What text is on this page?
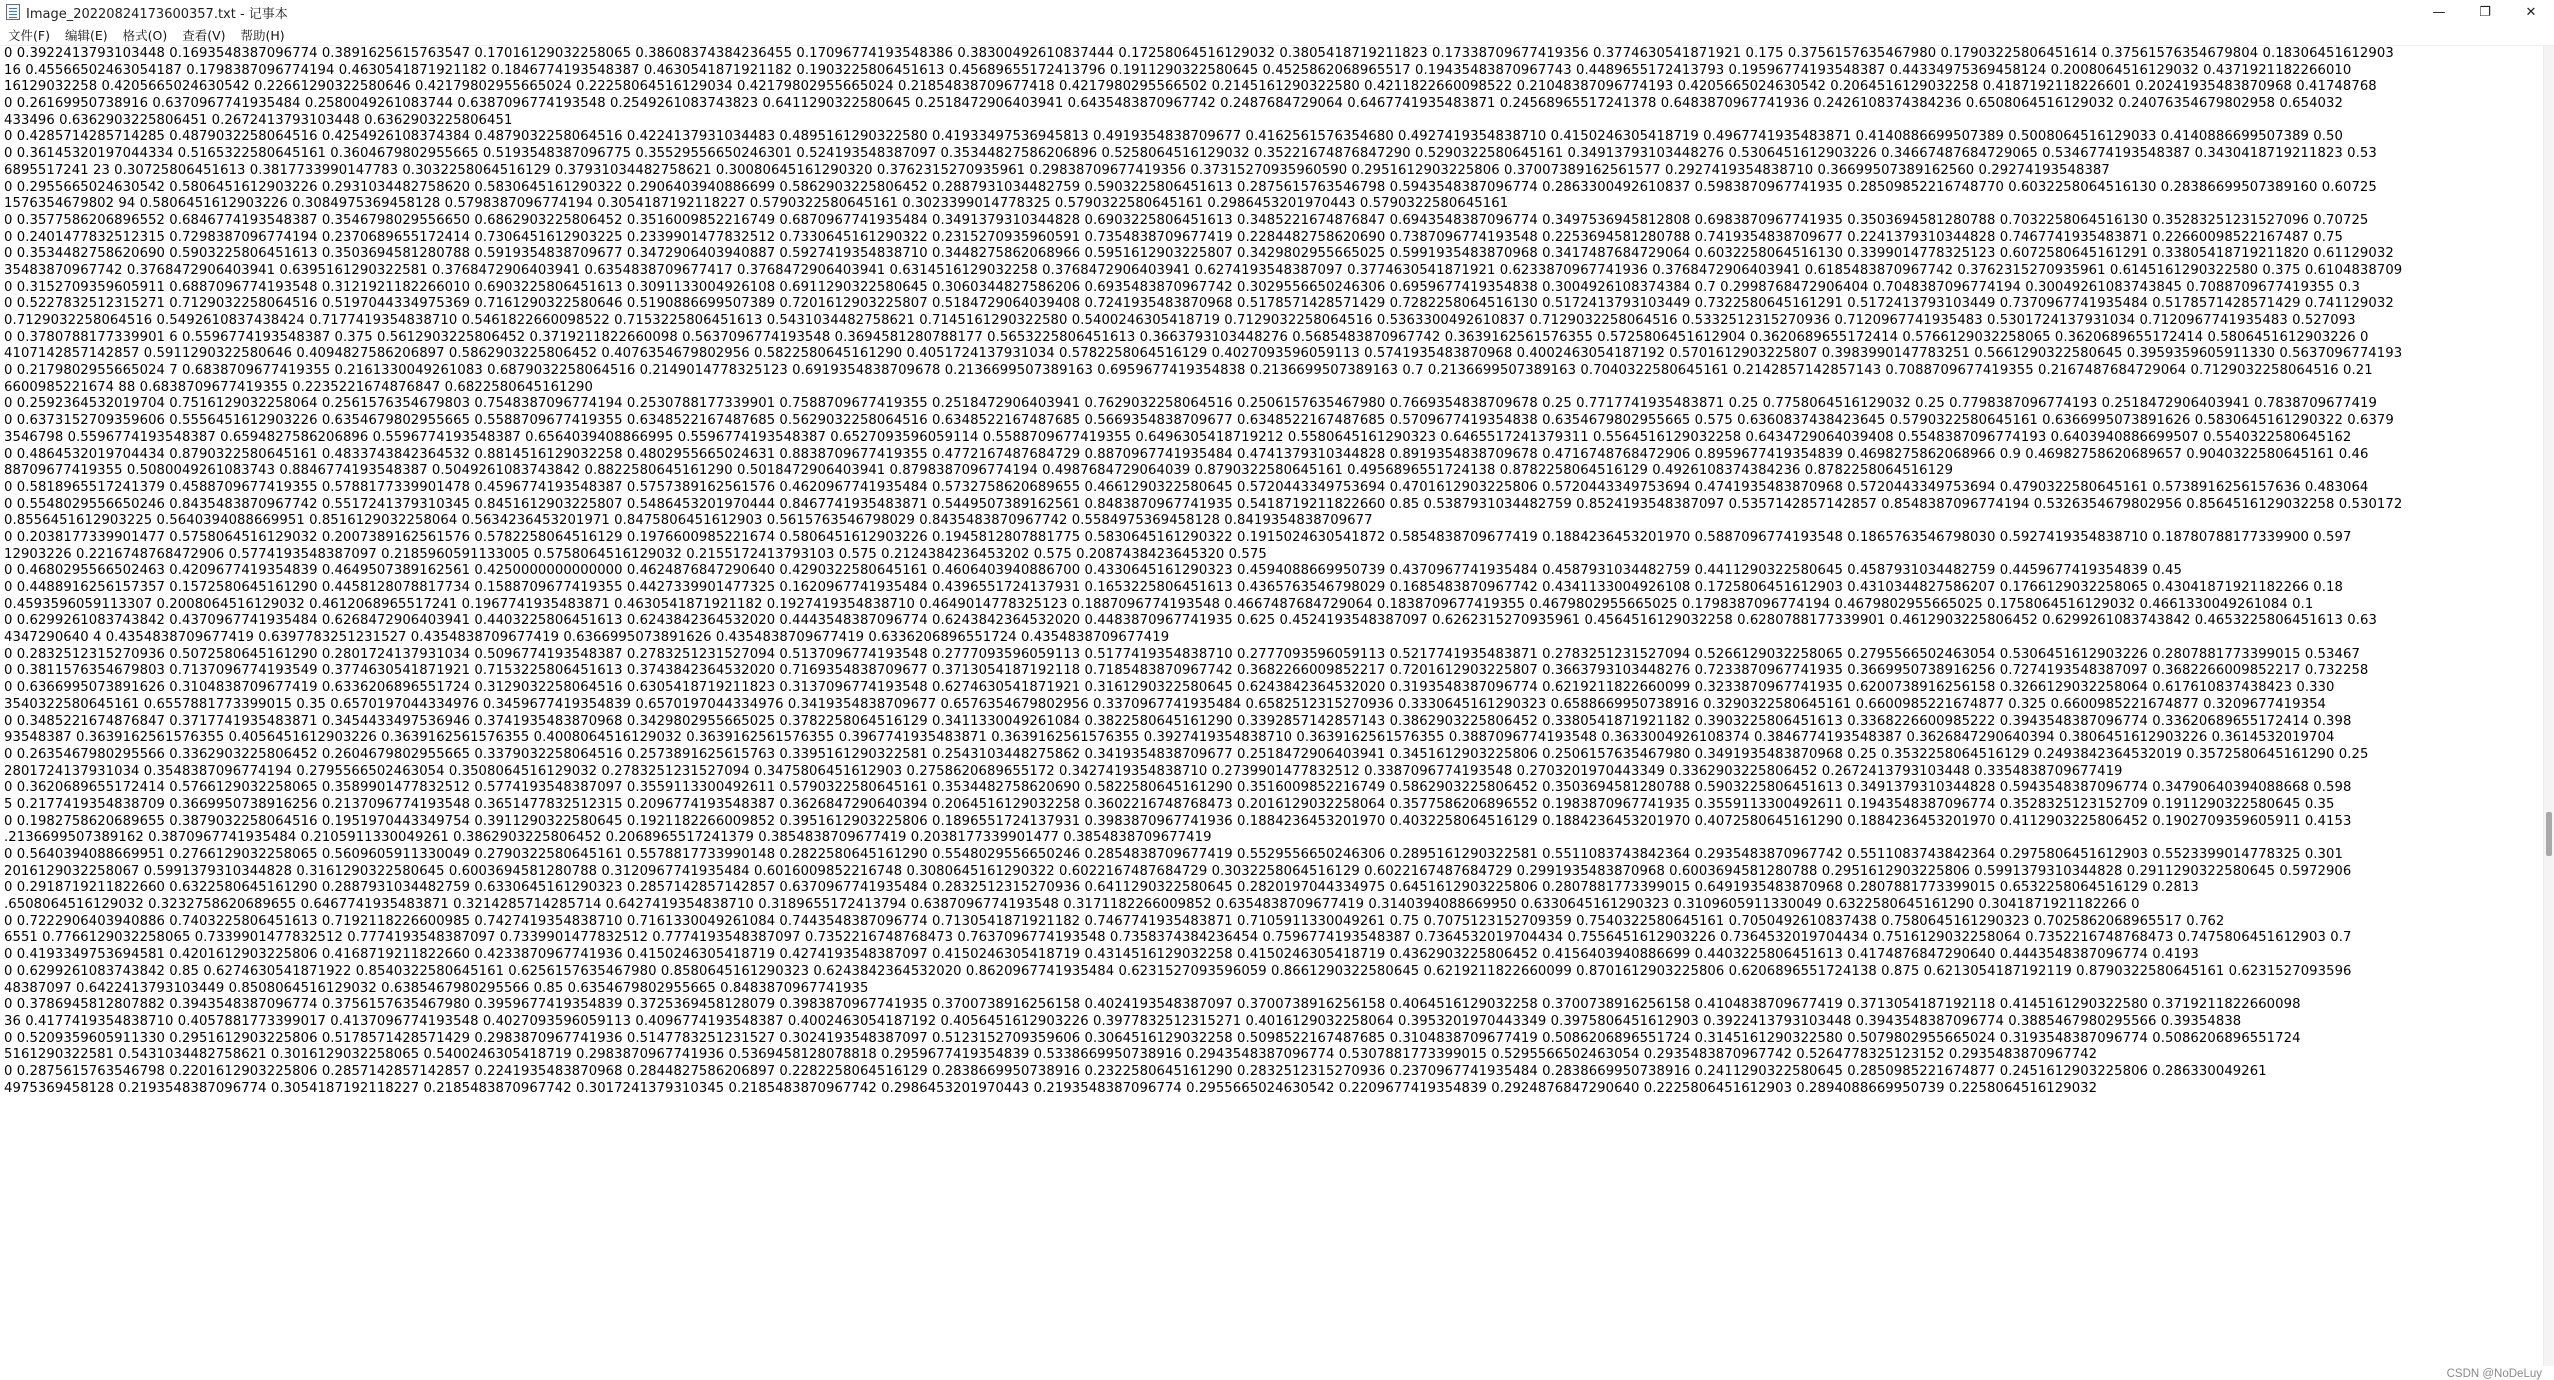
Image_20220824173600357.txt - 记事本	—	❐	✕
文件(F)	编辑(E)	格式(O)	查看(V)	帮助(H)
0 0.3922413793103448 0.1693548387096774 0.3891625615763547 0.17016129032258065 0.38608374384236455 0.17096774193548386 0.38300492610837444 0.17258064516129032 0.3805418719211823 0.17338709677419356 0.3774630541871921 0.175 0.3756157635467980 0.17903225806451614 0.37561576354679804 0.18306451612903
16 0.45566502463054187 0.1798387096774194 0.4630541871921182 0.1846774193548387 0.4630541871921182 0.1903225806451613 0.45689655172413796 0.1911290322580645 0.4525862068965517 0.19435483870967743 0.4489655172413793 0.19596774193548387 0.44334975369458124 0.2008064516129032 0.4371921182266010
16129032258 0.4205665024630542 0.22661290322580646 0.42179802955665024 0.22258064516129034 0.42179802955665024 0.21854838709677418 0.4217980295566502 0.2145161290322580 0.4211822660098522 0.21048387096774193 0.4205665024630542 0.2064516129032258 0.4187192118226601 0.20241935483870968 0.41748768
0 0.26169950738916 0.6370967741935484 0.2580049261083744 0.6387096774193548 0.2549261083743823 0.6411290322580645 0.2518472906403941 0.6435483870967742 0.2487684729064 0.6467741935483871 0.24568965517241378 0.6483870967741936 0.2426108374384236 0.6508064516129032 0.24076354679802958 0.654032
433496 0.6362903225806451 0.2672413793103448 0.6362903225806451
0 0.4285714285714285 0.4879032258064516 0.4254926108374384 0.4879032258064516 0.4224137931034483 0.4895161290322580 0.41933497536945813 0.4919354838709677 0.4162561576354680 0.4927419354838710 0.4150246305418719 0.4967741935483871 0.4140886699507389 0.5008064516129033 0.4140886699507389 0.50
0 0.36145320197044334 0.5165322580645161 0.3604679802955665 0.5193548387096775 0.35529556650246301 0.524193548387097 0.35344827586206896 0.5258064516129032 0.35221674876847290 0.5290322580645161 0.34913793103448276 0.5306451612903226 0.34667487684729065 0.5346774193548387 0.3430418719211823 0.53
6895517241 23 0.30725806451613 0.3817733990147783 0.3032258064516129 0.37931034482758621 0.30080645161290320 0.3762315270935961 0.29838709677419356 0.37315270935960590 0.2951612903225806 0.37007389162561577 0.2927419354838710 0.36699507389162560 0.29274193548387
0 0.2955665024630542 0.5806451612903226 0.2931034482758620 0.5830645161290322 0.2906403940886699 0.5862903225806452 0.2887931034482759 0.5903225806451613 0.2875615763546798 0.5943548387096774 0.2863300492610837 0.5983870967741935 0.28509852216748770 0.6032258064516130 0.28386699507389160 0.60725
1576354679802 94 0.5806451612903226 0.3084975369458128 0.5798387096774194 0.3054187192118227 0.5790322580645161 0.3023399014778325 0.5790322580645161 0.2986453201970443 0.5790322580645161
0 0.3577586206896552 0.6846774193548387 0.3546798029556650 0.6862903225806452 0.3516009852216749 0.6870967741935484 0.3491379310344828 0.6903225806451613 0.3485221674876847 0.6943548387096774 0.3497536945812808 0.6983870967741935 0.3503694581280788 0.7032258064516130 0.35283251231527096 0.70725
0 0.2401477832512315 0.7298387096774194 0.2370689655172414 0.7306451612903225 0.2339901477832512 0.7330645161290322 0.2315270935960591 0.7354838709677419 0.2284482758620690 0.7387096774193548 0.2253694581280788 0.7419354838709677 0.2241379310344828 0.7467741935483871 0.22660098522167487 0.75
0 0.3534482758620690 0.5903225806451613 0.3503694581280788 0.5919354838709677 0.3472906403940887 0.5927419354838710 0.3448275862068966 0.5951612903225807 0.3429802955665025 0.5991935483870968 0.3417487684729064 0.6032258064516130 0.3399014778325123 0.6072580645161291 0.33805418719211820 0.61129032
35483870967742 0.3768472906403941 0.6395161290322581 0.3768472906403941 0.6354838709677417 0.3768472906403941 0.6314516129032258 0.3768472906403941 0.6274193548387097 0.3774630541871921 0.6233870967741936 0.3768472906403941 0.6185483870967742 0.3762315270935961 0.6145161290322580 0.375 0.6104838709
0 0.3152709359605911 0.6887096774193548 0.3121921182266010 0.6903225806451613 0.3091133004926108 0.6911290322580645 0.3060344827586206 0.6935483870967742 0.3029556650246306 0.6959677419354838 0.3004926108374384 0.7 0.2998768472906404 0.7048387096774194 0.30049261083743845 0.7088709677419355 0.3
0 0.5227832512315271 0.7129032258064516 0.5197044334975369 0.7161290322580646 0.5190886699507389 0.7201612903225807 0.5184729064039408 0.7241935483870968 0.5178571428571429 0.7282258064516130 0.5172413793103449 0.7322580645161291 0.5172413793103449 0.7370967741935484 0.5178571428571429 0.741129032
0.7129032258064516 0.5492610837438424 0.7177419354838710 0.5461822660098522 0.7153225806451613 0.5431034482758621 0.7145161290322580 0.5400246305418719 0.7129032258064516 0.5363300492610837 0.7129032258064516 0.5332512315270936 0.7120967741935483 0.5301724137931034 0.7120967741935483 0.527093
0 0.3780788177339901 6 0.5596774193548387 0.375 0.5612903225806452 0.3719211822660098 0.5637096774193548 0.3694581280788177 0.5653225806451613 0.3663793103448276 0.5685483870967742 0.3639162561576355 0.5725806451612904 0.3620689655172414 0.5766129032258065 0.3620689655172414 0.5806451612903226 0
4107142857142857 0.5911290322580646 0.4094827586206897 0.5862903225806452 0.4076354679802956 0.5822580645161290 0.4051724137931034 0.5782258064516129 0.4027093596059113 0.5741935483870968 0.4002463054187192 0.5701612903225807 0.3983990147783251 0.5661290322580645 0.3959359605911330 0.5637096774193
0 0.2179802955665024 7 0.6838709677419355 0.2161330049261083 0.6879032258064516 0.2149014778325123 0.6919354838709678 0.2136699507389163 0.6959677419354838 0.2136699507389163 0.7 0.2136699507389163 0.7040322580645161 0.2142857142857143 0.7088709677419355 0.2167487684729064 0.7129032258064516 0.21
6600985221674 88 0.6838709677419355 0.2235221674876847 0.6822580645161290
0 0.2592364532019704 0.7516129032258064 0.2561576354679803 0.7548387096774194 0.2530788177339901 0.7588709677419355 0.2518472906403941 0.7629032258064516 0.2506157635467980 0.7669354838709678 0.25 0.7717741935483871 0.25 0.7758064516129032 0.25 0.7798387096774193 0.2518472906403941 0.7838709677419
0 0.6373152709359606 0.5556451612903226 0.6354679802955665 0.5588709677419355 0.6348522167487685 0.5629032258064516 0.6348522167487685 0.5669354838709677 0.6348522167487685 0.5709677419354838 0.6354679802955665 0.575 0.6360837438423645 0.5790322580645161 0.6366995073891626 0.5830645161290322 0.6379
3546798 0.5596774193548387 0.6594827586206896 0.5596774193548387 0.6564039408866995 0.5596774193548387 0.6527093596059114 0.5588709677419355 0.6496305418719212 0.5580645161290323 0.6465517241379311 0.5564516129032258 0.6434729064039408 0.5548387096774193 0.6403940886699507 0.5540322580645162
0 0.4864532019704434 0.8790322580645161 0.4833743842364532 0.8814516129032258 0.4802955665024631 0.8838709677419355 0.4772167487684729 0.8870967741935484 0.4741379310344828 0.8919354838709678 0.4716748768472906 0.8959677419354839 0.4698275862068966 0.9 0.46982758620689657 0.9040322580645161 0.46
88709677419355 0.5080049261083743 0.8846774193548387 0.5049261083743842 0.8822580645161290 0.5018472906403941 0.8798387096774194 0.4987684729064039 0.8790322580645161 0.4956896551724138 0.8782258064516129 0.4926108374384236 0.8782258064516129
0 0.5818965517241379 0.4588709677419355 0.5788177339901478 0.4596774193548387 0.5757389162561576 0.4620967741935484 0.5732758620689655 0.4661290322580645 0.5720443349753694 0.4701612903225806 0.5720443349753694 0.4741935483870968 0.5720443349753694 0.4790322580645161 0.5738916256157636 0.483064
0 0.5548029556650246 0.8435483870967742 0.5517241379310345 0.8451612903225807 0.5486453201970444 0.8467741935483871 0.5449507389162561 0.8483870967741935 0.5418719211822660 0.85 0.5387931034482759 0.8524193548387097 0.5357142857142857 0.8548387096774194 0.5326354679802956 0.8564516129032258 0.530172
0.8556451612903225 0.5640394088669951 0.8516129032258064 0.5634236453201971 0.8475806451612903 0.5615763546798029 0.8435483870967742 0.5584975369458128 0.8419354838709677
0 0.2038177339901477 0.5758064516129032 0.2007389162561576 0.5782258064516129 0.1976600985221674 0.5806451612903226 0.1945812807881775 0.5830645161290322 0.1915024630541872 0.5854838709677419 0.1884236453201970 0.5887096774193548 0.1865763546798030 0.5927419354838710 0.18780788177339900 0.597
12903226 0.2216748768472906 0.5774193548387097 0.2185960591133005 0.5758064516129032 0.2155172413793103 0.575 0.2124384236453202 0.575 0.2087438423645320 0.575
0 0.4680295566502463 0.4209677419354839 0.4649507389162561 0.4250000000000000 0.4624876847290640 0.4290322580645161 0.4606403940886700 0.4330645161290323 0.4594088669950739 0.4370967741935484 0.4587931034482759 0.4411290322580645 0.4587931034482759 0.4459677419354839 0.45
0 0.4488916256157357 0.1572580645161290 0.4458128078817734 0.1588709677419355 0.4427339901477325 0.1620967741935484 0.4396551724137931 0.1653225806451613 0.4365763546798029 0.1685483870967742 0.4341133004926108 0.1725806451612903 0.4310344827586207 0.1766129032258065 0.43041871921182266 0.18
0.4593596059113307 0.2008064516129032 0.4612068965517241 0.1967741935483871 0.4630541871921182 0.1927419354838710 0.4649014778325123 0.1887096774193548 0.4667487684729064 0.1838709677419355 0.4679802955665025 0.1798387096774194 0.4679802955665025 0.1758064516129032 0.4661330049261084 0.1
0 0.6299261083743842 0.4370967741935484 0.6268472906403941 0.4403225806451613 0.6243842364532020 0.4443548387096774 0.6243842364532020 0.4483870967741935 0.625 0.4524193548387097 0.6262315270935961 0.4564516129032258 0.6280788177339901 0.4612903225806452 0.6299261083743842 0.4653225806451613 0.63
4347290640 4 0.4354838709677419 0.6397783251231527 0.4354838709677419 0.6366995073891626 0.4354838709677419 0.6336206896551724 0.4354838709677419
0 0.2832512315270936 0.5072580645161290 0.2801724137931034 0.5096774193548387 0.2783251231527094 0.5137096774193548 0.2777093596059113 0.5177419354838710 0.2777093596059113 0.5217741935483871 0.2783251231527094 0.5266129032258065 0.2795566502463054 0.5306451612903226 0.2807881773399015 0.53467
0 0.3811576354679803 0.7137096774193549 0.3774630541871921 0.7153225806451613 0.3743842364532020 0.7169354838709677 0.3713054187192118 0.7185483870967742 0.3682266009852217 0.7201612903225807 0.3663793103448276 0.7233870967741935 0.3669950738916256 0.7274193548387097 0.3682266009852217 0.732258
0 0.6366995073891626 0.3104838709677419 0.6336206896551724 0.3129032258064516 0.6305418719211823 0.3137096774193548 0.6274630541871921 0.3161290322580645 0.6243842364532020 0.3193548387096774 0.6219211822660099 0.3233870967741935 0.6200738916256158 0.3266129032258064 0.617610837438423 0.330
3540322580645161 0.6557881773399015 0.35 0.6570197044334976 0.3459677419354839 0.6570197044334976 0.3419354838709677 0.6576354679802956 0.3370967741935484 0.6582512315270936 0.3330645161290323 0.6588669950738916 0.3290322580645161 0.6600985221674877 0.325 0.6600985221674877 0.3209677419354
0 0.3485221674876847 0.3717741935483871 0.3454433497536946 0.3741935483870968 0.3429802955665025 0.3782258064516129 0.3411330049261084 0.3822580645161290 0.3392857142857143 0.3862903225806452 0.3380541871921182 0.3903225806451613 0.3368226600985222 0.3943548387096774 0.33620689655172414 0.398
93548387 0.3639162561576355 0.4056451612903226 0.3639162561576355 0.4008064516129032 0.3639162561576355 0.3967741935483871 0.3639162561576355 0.3927419354838710 0.3639162561576355 0.3887096774193548 0.3633004926108374 0.3846774193548387 0.3626847290640394 0.3806451612903226 0.3614532019704
0 0.2635467980295566 0.3362903225806452 0.2604679802955665 0.3379032258064516 0.2573891625615763 0.3395161290322581 0.2543103448275862 0.3419354838709677 0.2518472906403941 0.3451612903225806 0.2506157635467980 0.3491935483870968 0.25 0.3532258064516129 0.2493842364532019 0.3572580645161290 0.25
2801724137931034 0.3548387096774194 0.2795566502463054 0.3508064516129032 0.2783251231527094 0.3475806451612903 0.2758620689655172 0.3427419354838710 0.2739901477832512 0.3387096774193548 0.2703201970443349 0.3362903225806452 0.2672413793103448 0.3354838709677419
0 0.3620689655172414 0.5766129032258065 0.3589901477832512 0.5774193548387097 0.3559113300492611 0.5790322580645161 0.3534482758620690 0.5822580645161290 0.3516009852216749 0.5862903225806452 0.3503694581280788 0.5903225806451613 0.3491379310344828 0.5943548387096774 0.34790640394088668 0.598
5 0.2177419354838709 0.3669950738916256 0.2137096774193548 0.3651477832512315 0.2096774193548387 0.3626847290640394 0.2064516129032258 0.3602216748768473 0.2016129032258064 0.3577586206896552 0.1983870967741935 0.3559113300492611 0.1943548387096774 0.3528325123152709 0.1911290322580645 0.35
0 0.1982758620689655 0.3879032258064516 0.1951970443349754 0.3911290322580645 0.1921182266009852 0.3951612903225806 0.1896551724137931 0.3983870967741936 0.1884236453201970 0.4032258064516129 0.1884236453201970 0.4072580645161290 0.1884236453201970 0.4112903225806452 0.1902709359605911 0.4153
.2136699507389162 0.3870967741935484 0.2105911330049261 0.3862903225806452 0.2068965517241379 0.3854838709677419 0.2038177339901477 0.3854838709677419
0 0.5640394088669951 0.2766129032258065 0.5609605911330049 0.2790322580645161 0.5578817733990148 0.2822580645161290 0.5548029556650246 0.2854838709677419 0.5529556650246306 0.2895161290322581 0.5511083743842364 0.2935483870967742 0.5511083743842364 0.2975806451612903 0.5523399014778325 0.301
2016129032258067 0.5991379310344828 0.3161290322580645 0.6003694581280788 0.3120967741935484 0.6016009852216748 0.3080645161290322 0.6022167487684729 0.3032258064516129 0.6022167487684729 0.2991935483870968 0.6003694581280788 0.2951612903225806 0.5991379310344828 0.2911290322580645 0.5972906
0 0.2918719211822660 0.6322580645161290 0.2887931034482759 0.6330645161290323 0.2857142857142857 0.6370967741935484 0.2832512315270936 0.6411290322580645 0.2820197044334975 0.6451612903225806 0.2807881773399015 0.6491935483870968 0.2807881773399015 0.6532258064516129 0.2813
.6508064516129032 0.3232758620689655 0.6467741935483871 0.3214285714285714 0.6427419354838710 0.3189655172413794 0.6387096774193548 0.3171182266009852 0.6354838709677419 0.3140394088669950 0.6330645161290323 0.3109605911330049 0.6322580645161290 0.3041871921182266 0
0 0.7222906403940886 0.7403225806451613 0.7192118226600985 0.7427419354838710 0.7161330049261084 0.7443548387096774 0.7130541871921182 0.7467741935483871 0.7105911330049261 0.75 0.7075123152709359 0.7540322580645161 0.7050492610837438 0.7580645161290323 0.7025862068965517 0.762
6551 0.7766129032258065 0.7339901477832512 0.7774193548387097 0.7339901477832512 0.7774193548387097 0.7352216748768473 0.7637096774193548 0.7358374384236454 0.7596774193548387 0.7364532019704434 0.7556451612903226 0.7364532019704434 0.7516129032258064 0.7352216748768473 0.7475806451612903 0.7
0 0.4193349753694581 0.4201612903225806 0.4168719211822660 0.4233870967741936 0.4150246305418719 0.4274193548387097 0.4150246305418719 0.4314516129032258 0.4150246305418719 0.4362903225806452 0.4156403940886699 0.4403225806451613 0.4174876847290640 0.4443548387096774 0.4193
0 0.6299261083743842 0.85 0.6274630541871922 0.8540322580645161 0.6256157635467980 0.8580645161290323 0.6243842364532020 0.8620967741935484 0.6231527093596059 0.8661290322580645 0.6219211822660099 0.8701612903225806 0.6206896551724138 0.875 0.6213054187192119 0.8790322580645161 0.6231527093596
48387097 0.6422413793103449 0.8508064516129032 0.6385467980295566 0.85 0.6354679802955665 0.8483870967741935
0 0.3786945812807882 0.3943548387096774 0.3756157635467980 0.3959677419354839 0.3725369458128079 0.3983870967741935 0.3700738916256158 0.4024193548387097 0.3700738916256158 0.4064516129032258 0.3700738916256158 0.4104838709677419 0.3713054187192118 0.4145161290322580 0.3719211822660098
36 0.4177419354838710 0.4057881773399017 0.4137096774193548 0.4027093596059113 0.4096774193548387 0.4002463054187192 0.4056451612903226 0.3977832512315271 0.4016129032258064 0.3953201970443349 0.3975806451612903 0.3922413793103448 0.3943548387096774 0.3885467980295566 0.39354838
0 0.5209359605911330 0.2951612903225806 0.5178571428571429 0.2983870967741936 0.5147783251231527 0.3024193548387097 0.5123152709359606 0.3064516129032258 0.5098522167487685 0.3104838709677419 0.5086206896551724 0.3145161290322580 0.5079802955665024 0.3193548387096774 0.5086206896551724
5161290322581 0.5431034482758621 0.3016129032258065 0.5400246305418719 0.2983870967741936 0.5369458128078818 0.2959677419354839 0.5338669950738916 0.2943548387096774 0.5307881773399015 0.5295566502463054 0.2935483870967742 0.5264778325123152 0.2935483870967742
0 0.2875615763546798 0.2201612903225806 0.2857142857142857 0.2241935483870968 0.2844827586206897 0.2282258064516129 0.2838669950738916 0.2322580645161290 0.2832512315270936 0.2370967741935484 0.2838669950738916 0.2411290322580645 0.2850985221674877 0.2451612903225806 0.286330049261
4975369458128 0.2193548387096774 0.3054187192118227 0.2185483870967742 0.3017241379310345 0.2185483870967742 0.2986453201970443 0.2193548387096774 0.2955665024630542 0.2209677419354839 0.2924876847290640 0.2225806451612903 0.2894088669950739 0.2258064516129032
CSDN @NoDeLuy
